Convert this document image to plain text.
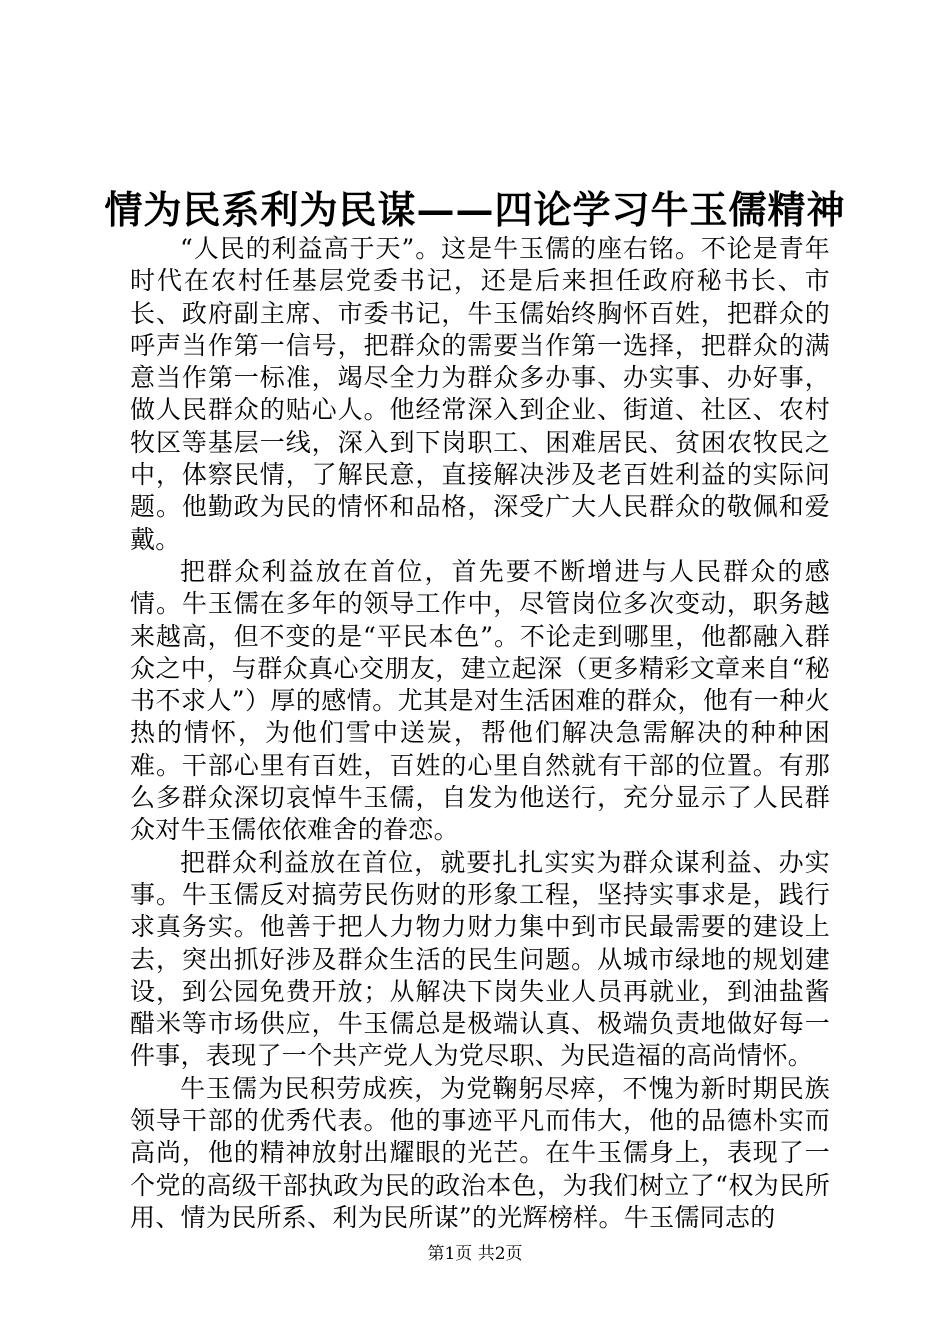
情为民系利为民谋——四论学习牛玉儒精神

“人民的利益高于天”。这是牛玉儒的座右铭。不论是青年时代在农村任基层党委书记，还是后来担任政府秘书长、市长、政府副主席、市委书记，牛玉儒始终胸怀百姓，把群众的呼声当作第一信号，把群众的需要当作第一选择，把群众的满意当作第一标准，竭尽全力为群众多办事、办实事、办好事，做人民群众的贴心人。他经常深入到企业、街道、社区、农村牧区等基层一线，深入到下岗职工、困难居民、贫困农牧民之中，体察民情，了解民意，直接解决涉及老百姓利益的实际问题。他勤政为民的情怀和品格，深受广大人民群众的敬佩和爱戴。

把群众利益放在首位，首先要不断增进与人民群众的感情。牛玉儒在多年的领导工作中，尽管岗位多次变动，职务越来越高，但不变的是“平民本色”。不论走到哪里，他都融入群众之中，与群众真心交朋友，建立起深（更多精彩文章来自“秘书不求人”）厚的感情。尤其是对生活困难的群众，他有一种火热的情怀，为他们雪中送炭，帮他们解决急需解决的种种困难。干部心里有百姓，百姓的心里自然就有干部的位置。有那么多群众深切哀悼牛玉儒，自发为他送行，充分显示了人民群众对牛玉儒依依难舍的眷恋。

把群众利益放在首位，就要扎扎实实为群众谋利益、办实事。牛玉儒反对搞劳民伤财的形象工程，坚持实事求是，践行求真务实。他善于把人力物力财力集中到市民最需要的建设上去，突出抓好涉及群众生活的民生问题。从城市绿地的规划建设，到公园免费开放；从解决下岗失业人员再就业，到油盐酱醋米等市场供应，牛玉儒总是极端认真、极端负责地做好每一件事，表现了一个共产党人为党尽职、为民造福的高尚情怀。

牛玉儒为民积劳成疾，为党鞠躬尽瘁，不愧为新时期民族领导干部的优秀代表。他的事迹平凡而伟大，他的品德朴实而高尚，他的精神放射出耀眼的光芒。在牛玉儒身上，表现了一个党的高级干部执政为民的政治本色，为我们树立了“权为民所用、情为民所系、利为民所谋”的光辉榜样。牛玉儒同志的

第1页 共2页
